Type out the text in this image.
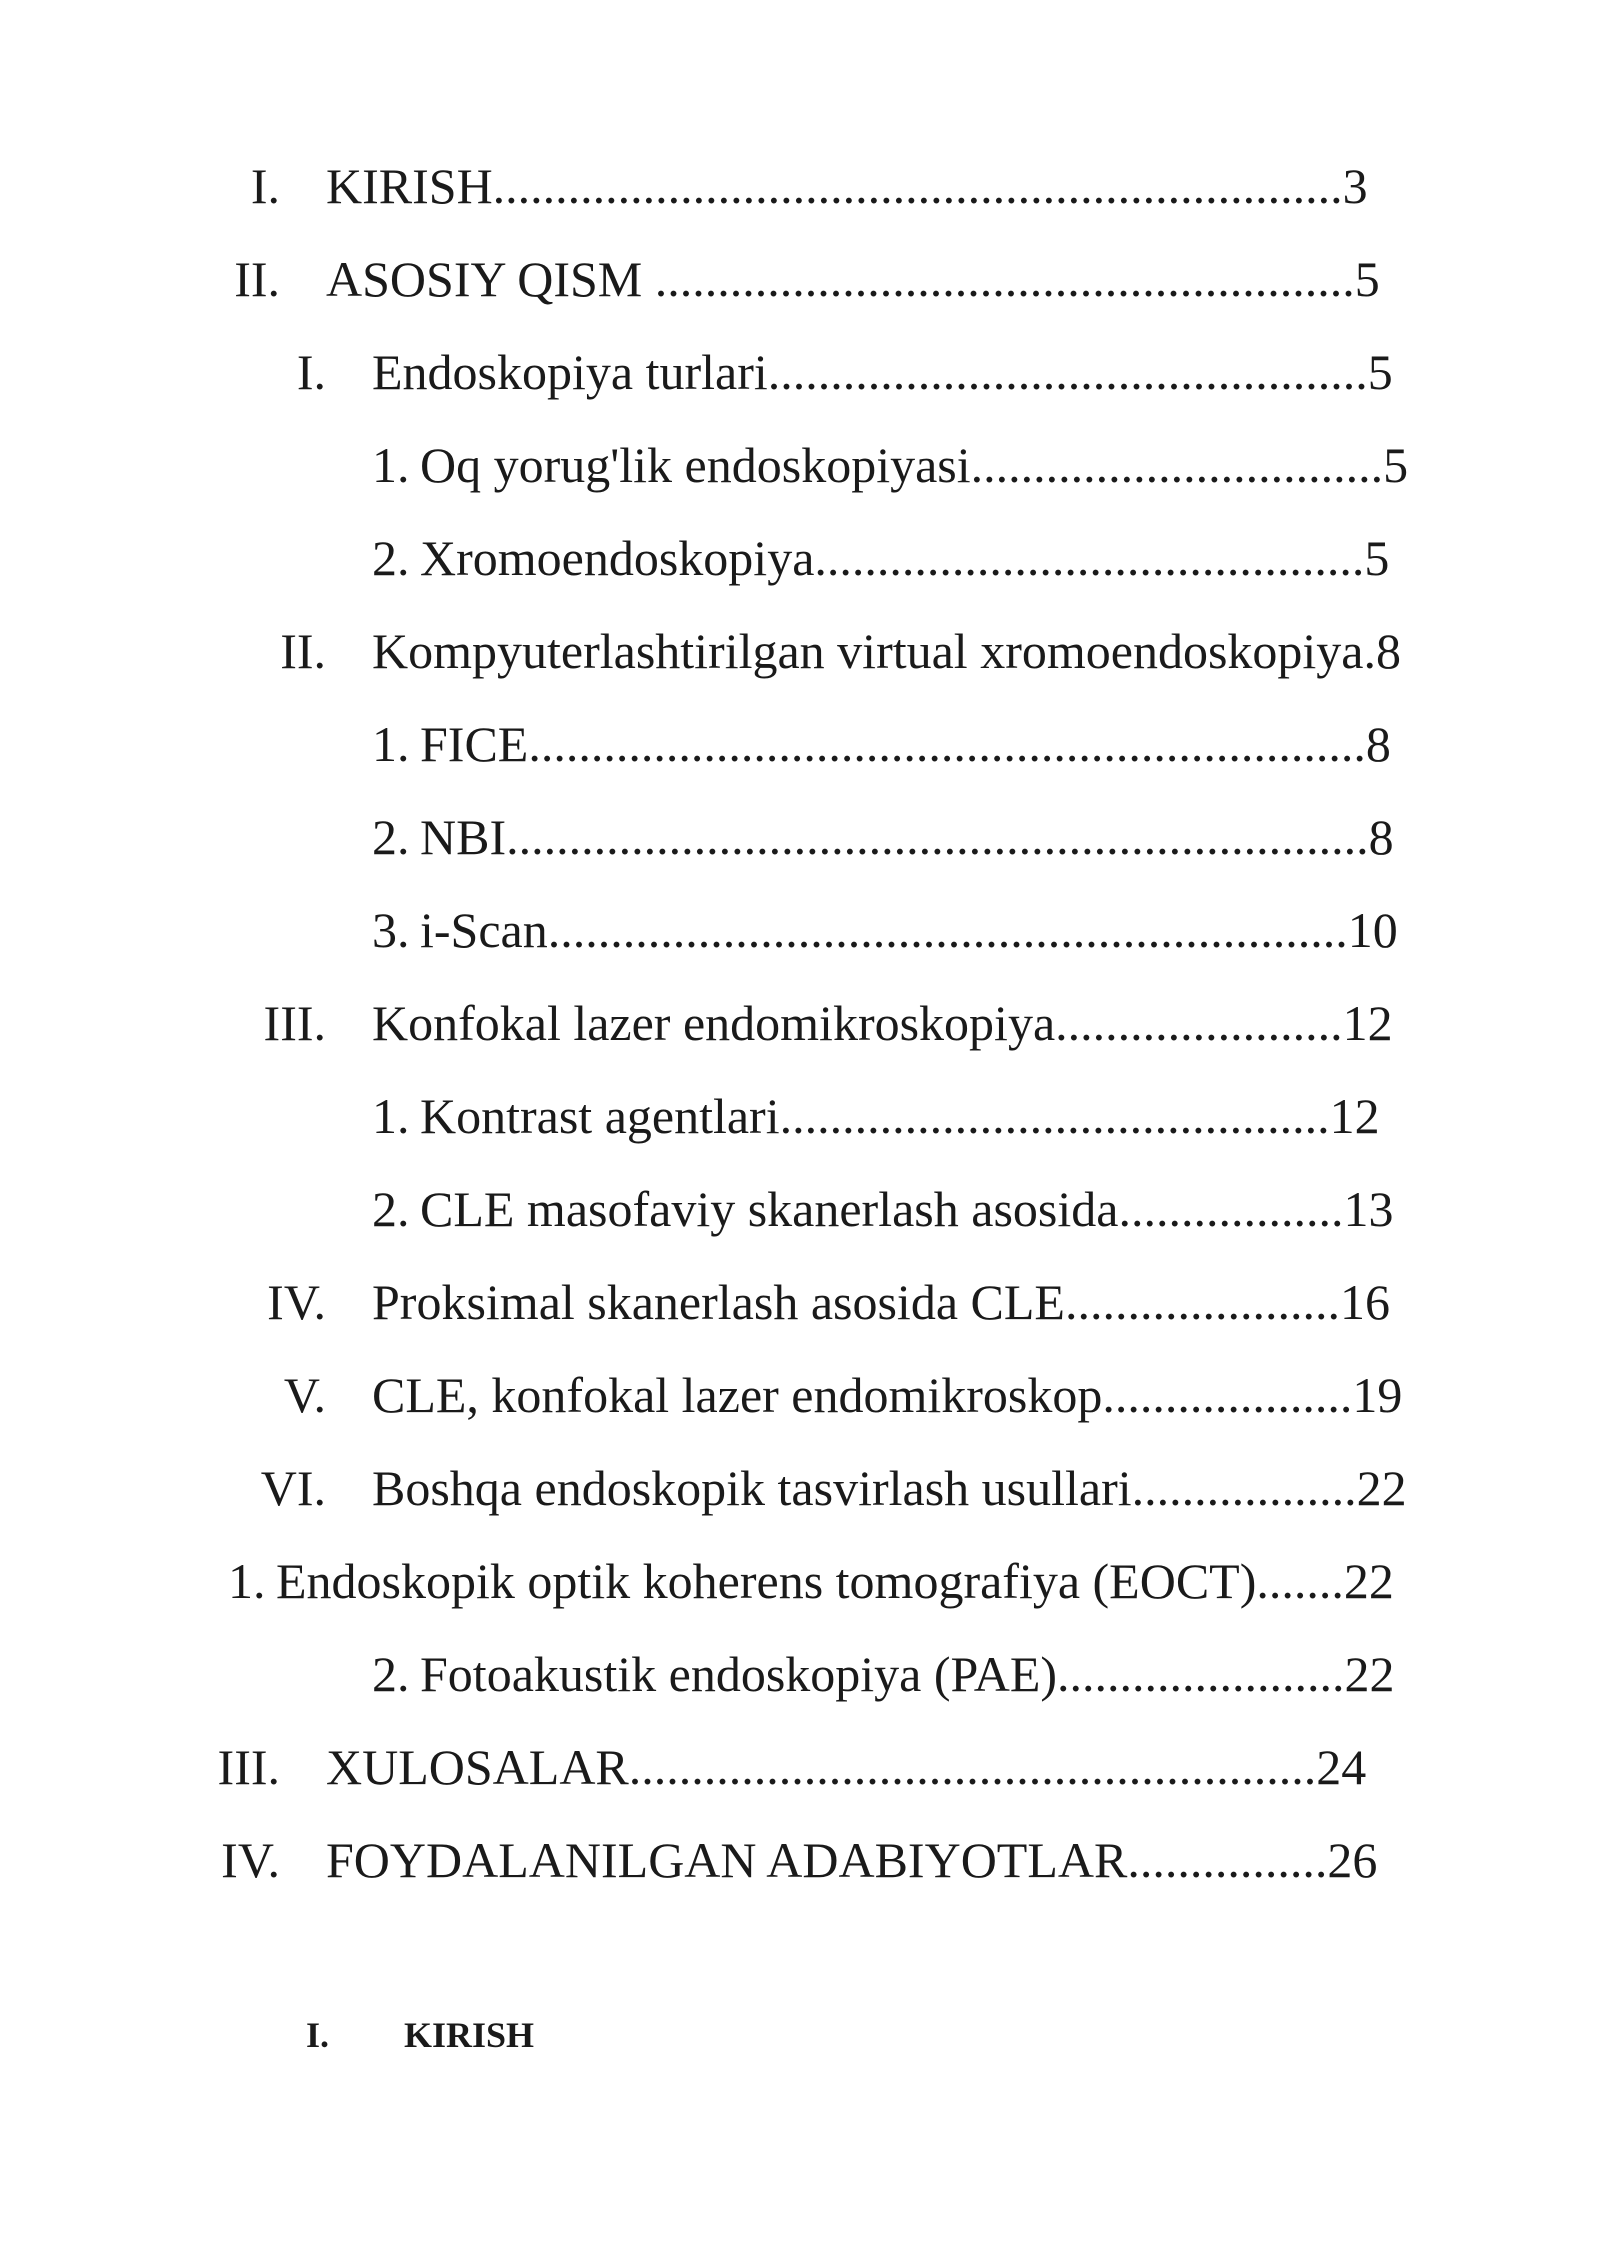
I. KIRISH....................................................................3
II. ASOSIY QISM ........................................................5
I. Endoskopiya turlari................................................5
1. Oq yorug'lik endoskopiyasi.................................5
2. Xromoendoskopiya............................................5
II. Kompyuterlashtirilgan virtual xromoendoskopiya.8
1. FICE...................................................................8
2. NBI.....................................................................8
3. i-Scan................................................................10
III. Konfokal lazer endomikroskopiya.......................12
1. Kontrast agentlari............................................12
2. CLE masofaviy skanerlash asosida..................13
IV. Proksimal skanerlash asosida CLE......................16
V. CLE, konfokal lazer endomikroskop....................19
VI. Boshqa endoskopik tasvirlash usullari..................22
1. Endoskopik optik koherens tomografiya (EOCT).......22
2. Fotoakustik endoskopiya (PAE).......................22
III. XULOSALAR.......................................................24
IV. FOYDALANILGAN ADABIYOTLAR................26
I. KIRISH
